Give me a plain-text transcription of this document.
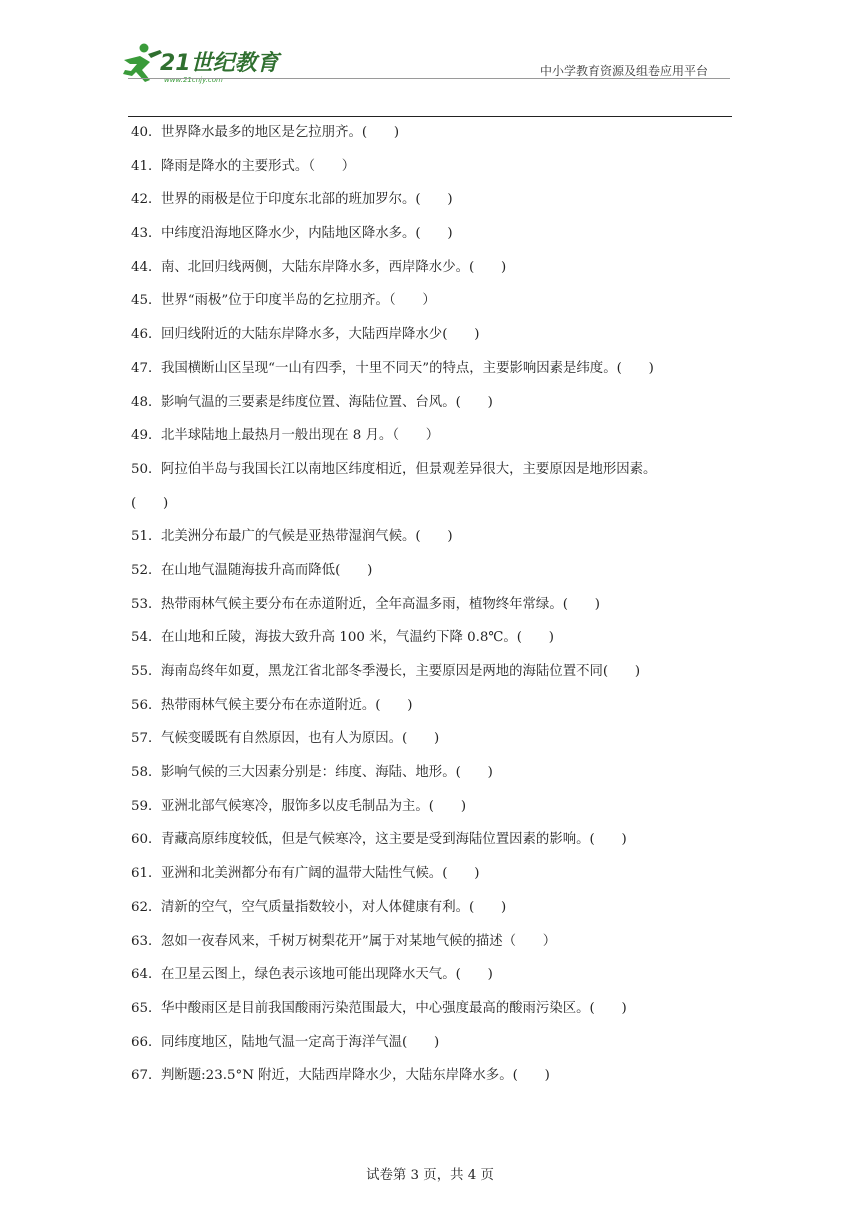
21世纪教育
www.21cnjy.com
中小学教育资源及组卷应用平台
40．世界降水最多的地区是乞拉朋齐。(　　)
41．降雨是降水的主要形式。（　　）
42．世界的雨极是位于印度东北部的班加罗尔。(　　)
43．中纬度沿海地区降水少，内陆地区降水多。(　　)
44．南、北回归线两侧，大陆东岸降水多，西岸降水少。(　　)
45．世界“雨极”位于印度半岛的乞拉朋齐。（　　）
46．回归线附近的大陆东岸降水多，大陆西岸降水少(　　)
47．我国横断山区呈现“一山有四季，十里不同天”的特点，主要影响因素是纬度。(　　)
48．影响气温的三要素是纬度位置、海陆位置、台风。(　　)
49．北半球陆地上最热月一般出现在 8 月。（　　）
50．阿拉伯半岛与我国长江以南地区纬度相近，但景观差异很大，主要原因是地形因素。
(　　)
51．北美洲分布最广的气候是亚热带湿润气候。(　　)
52．在山地气温随海拔升高而降低(　　)
53．热带雨林气候主要分布在赤道附近，全年高温多雨，植物终年常绿。(　　)
54．在山地和丘陵，海拔大致升高 100 米，气温约下降 0.8℃。(　　)
55．海南岛终年如夏，黑龙江省北部冬季漫长，主要原因是两地的海陆位置不同(　　)
56．热带雨林气候主要分布在赤道附近。(　　)
57．气候变暖既有自然原因，也有人为原因。(　　)
58．影响气候的三大因素分别是：纬度、海陆、地形。(　　)
59．亚洲北部气候寒冷，服饰多以皮毛制品为主。(　　)
60．青藏高原纬度较低，但是气候寒冷，这主要是受到海陆位置因素的影响。(　　)
61．亚洲和北美洲都分布有广阔的温带大陆性气候。(　　)
62．清新的空气，空气质量指数较小，对人体健康有利。(　　)
63．忽如一夜春风来，千树万树梨花开”属于对某地气候的描述（　　）
64．在卫星云图上，绿色表示该地可能出现降水天气。(　　)
65．华中酸雨区是目前我国酸雨污染范围最大，中心强度最高的酸雨污染区。(　　)
66．同纬度地区，陆地气温一定高于海洋气温(　　)
67．判断题:23.5°N 附近，大陆西岸降水少，大陆东岸降水多。(　　)
试卷第 3 页，共 4 页
